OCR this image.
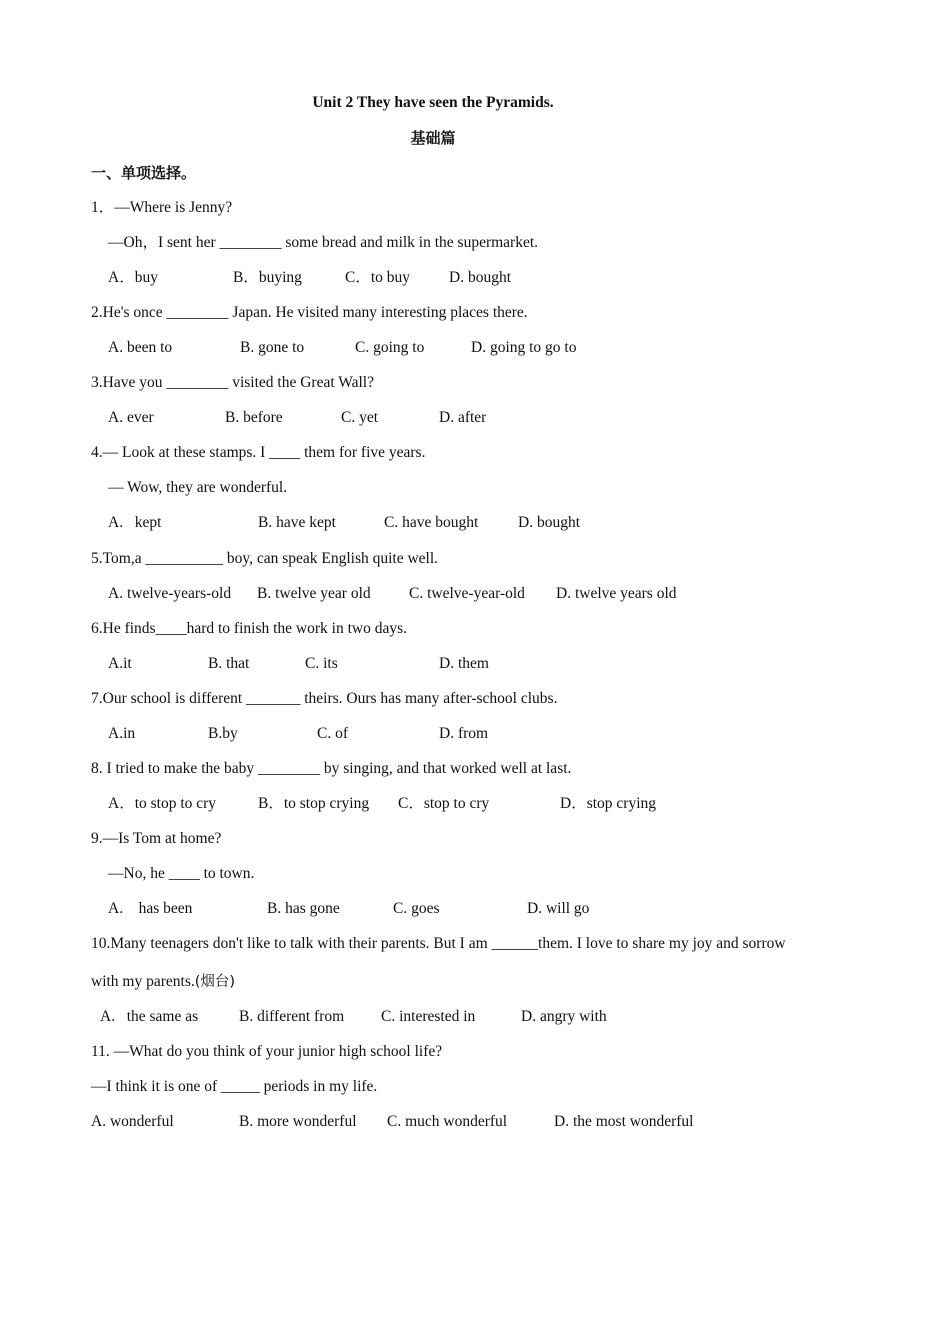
Unit 2 They have seen the Pyramids.
基础篇
一、单项选择。
1．—Where is Jenny?
—Oh，I sent her ________ some bread and milk in the supermarket.
A．buy	B．buying	C．to buy	D. bought
2.He's once ________ Japan. He visited many interesting places there.
A. been to	B. gone to	C. going to	D. going to go to
3.Have you ________ visited the Great Wall?
A. ever	B. before	C. yet	D. after
4.— Look at these stamps. I ____ them for five years.
— Wow, they are wonderful.
A.   kept	B. have kept	C. have bought	D. bought
5.Tom,a __________ boy, can speak English quite well.
A. twelve-years-old B. twelve year old C. twelve-year-old D. twelve years old
6.He finds____hard to finish the work in two days.
A.it	B. that	C. its	D. them
7.Our school is different _______ theirs. Ours has many after-school clubs.
A.in	B.by	C. of	D. from
8. I tried to make the baby ________ by singing, and that worked well at last.
A．to stop to cry	B．to stop crying C．stop to cry	D．stop crying
9.—Is Tom at home?
—No, he ____ to town.
A.    has been	B. has gone	C. goes	D. will go
10.Many teenagers don't like to talk with their parents. But I am ______them. I love to share my joy and sorrow
with my parents.(烟台)
A.   the same as	B. different from C. interested in	D. angry with
11. —What do you think of your junior high school life?
—I think it is one of _____ periods in my life.
A. wonderful	B. more wonderful C. much wonderful	D. the most wonderful
